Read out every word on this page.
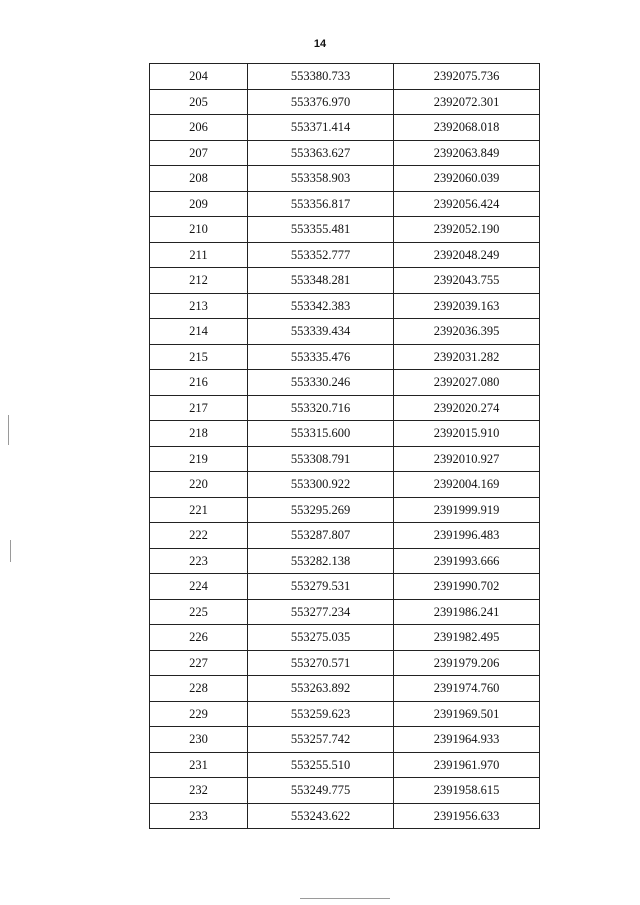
14
204	553380.733	2392075.736
205	553376.970	2392072.301
206	553371.414	2392068.018
207	553363.627	2392063.849
208	553358.903	2392060.039
209	553356.817	2392056.424
210	553355.481	2392052.190
211	553352.777	2392048.249
212	553348.281	2392043.755
213	553342.383	2392039.163
214	553339.434	2392036.395
215	553335.476	2392031.282
216	553330.246	2392027.080
217	553320.716	2392020.274
218	553315.600	2392015.910
219	553308.791	2392010.927
220	553300.922	2392004.169
221	553295.269	2391999.919
222	553287.807	2391996.483
223	553282.138	2391993.666
224	553279.531	2391990.702
225	553277.234	2391986.241
226	553275.035	2391982.495
227	553270.571	2391979.206
228	553263.892	2391974.760
229	553259.623	2391969.501
230	553257.742	2391964.933
231	553255.510	2391961.970
232	553249.775	2391958.615
233	553243.622	2391956.633
